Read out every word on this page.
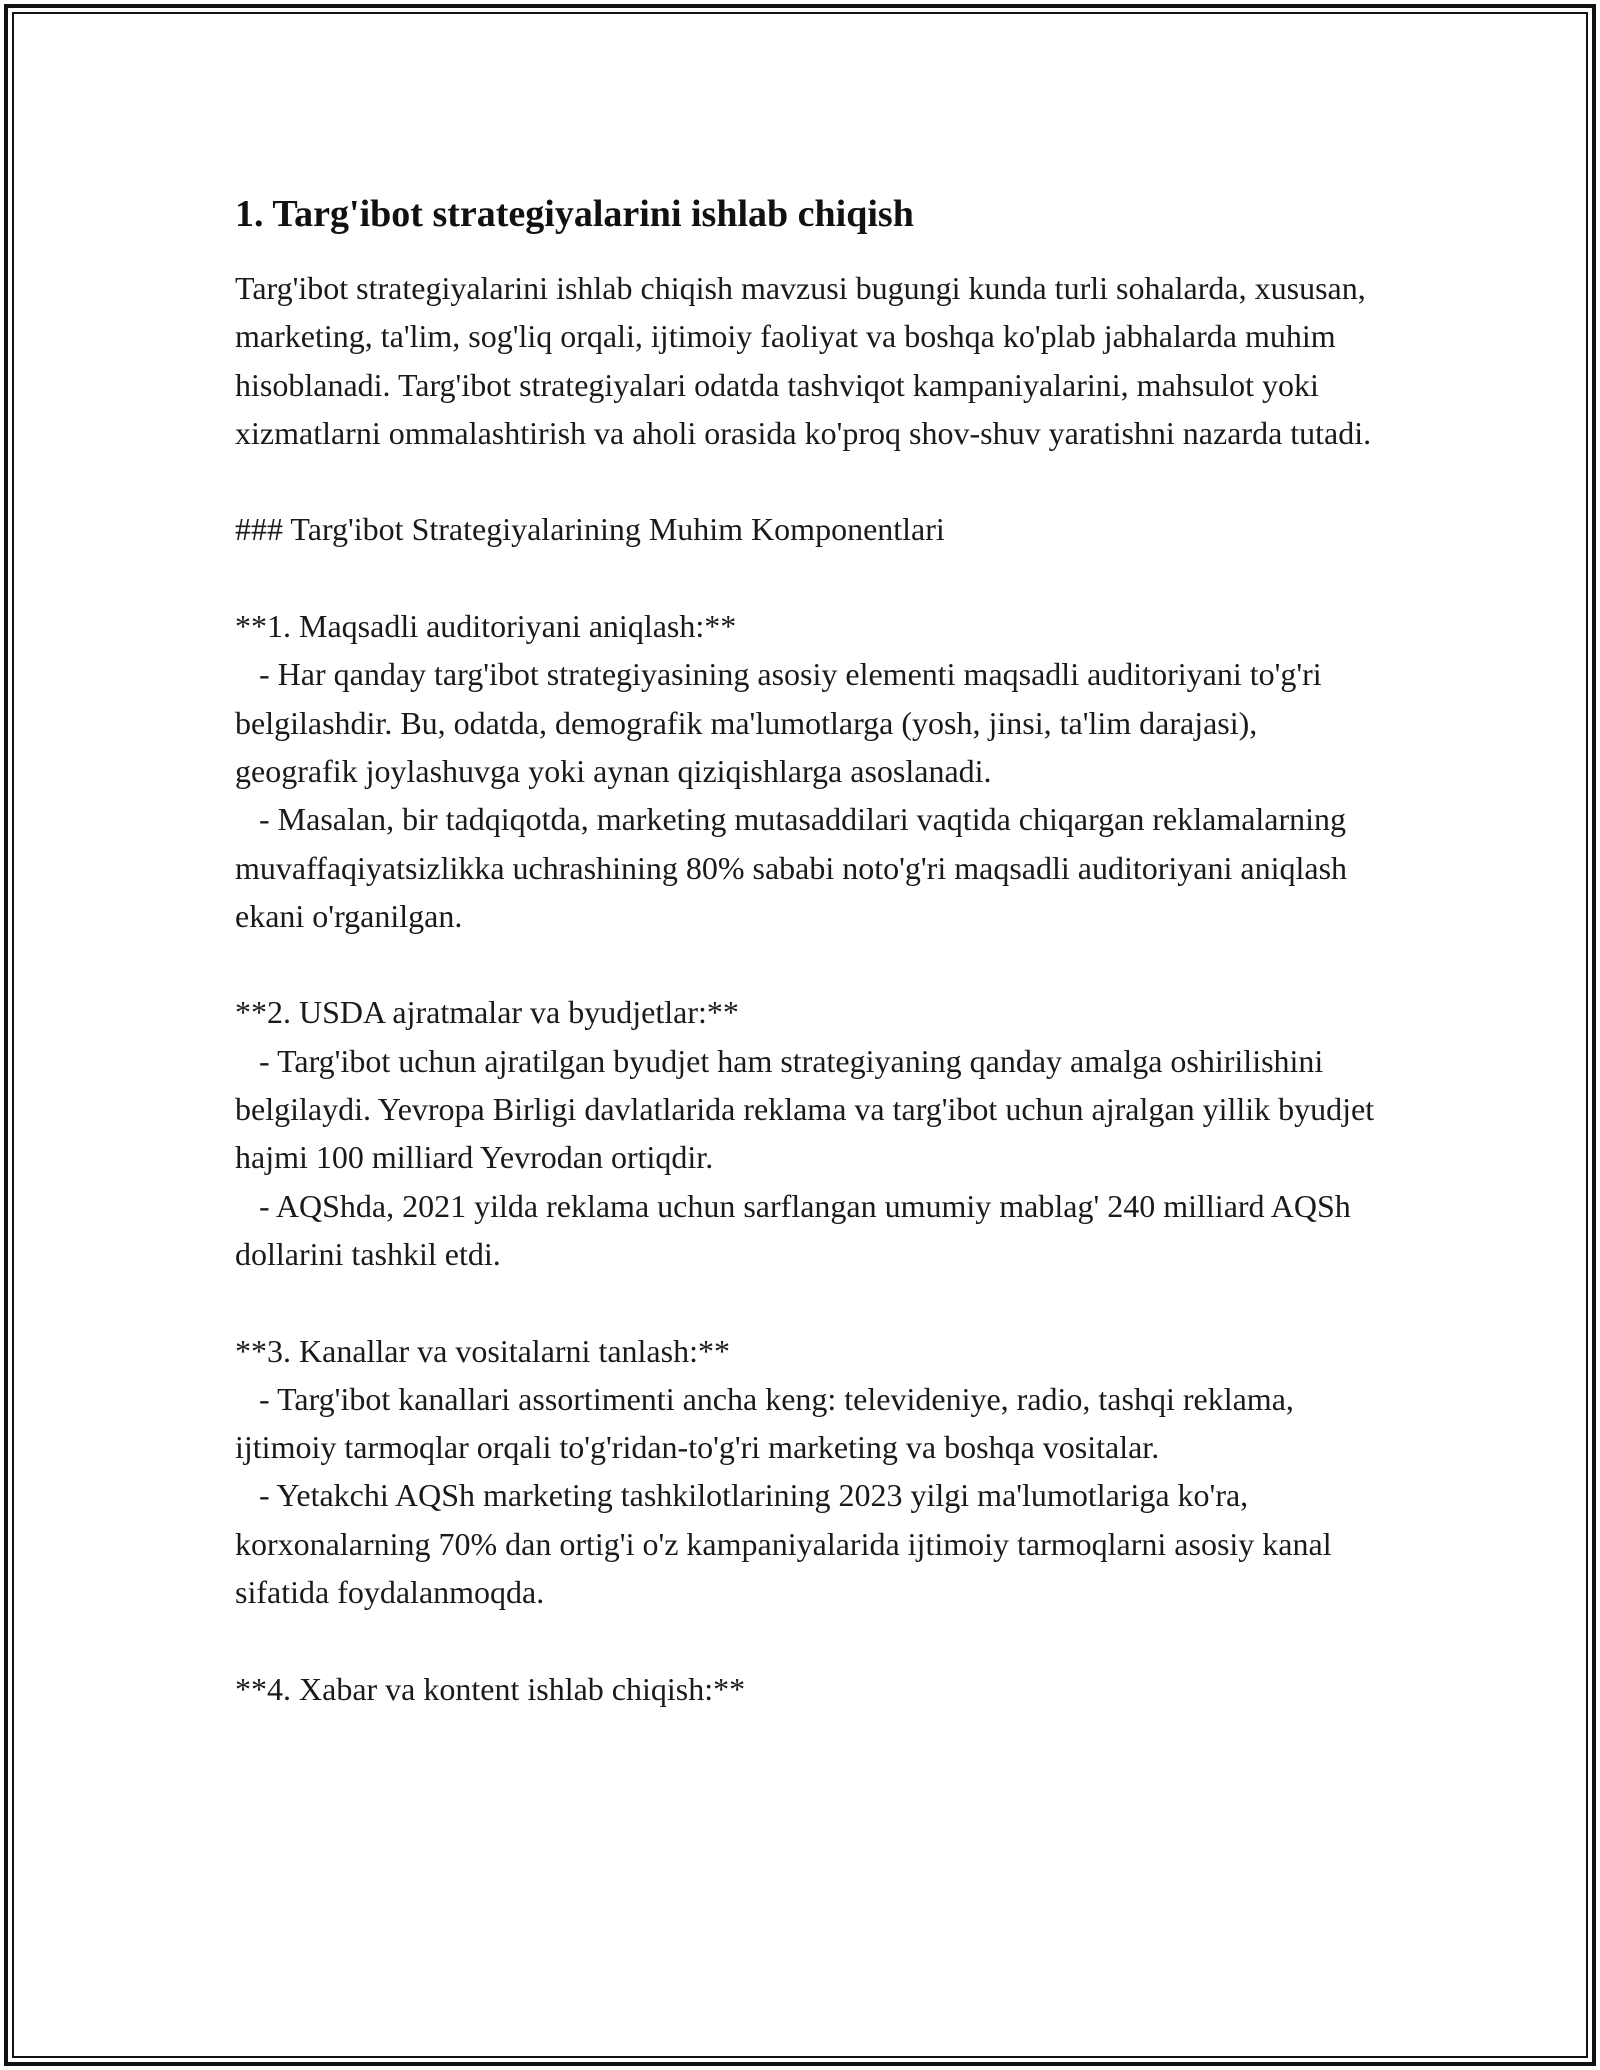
1. Targ'ibot strategiyalarini ishlab chiqish

Targ'ibot strategiyalarini ishlab chiqish mavzusi bugungi kunda turli sohalarda, xususan, marketing, ta'lim, sog'liq orqali, ijtimoiy faoliyat va boshqa ko'plab jabhalarda muhim hisoblanadi. Targ'ibot strategiyalari odatda tashviqot kampaniyalarini, mahsulot yoki xizmatlarni ommalashtirish va aholi orasida ko'proq shov-shuv yaratishni nazarda tutadi.

### Targ'ibot Strategiyalarining Muhim Komponentlari

**1. Maqsadli auditoriyani aniqlash:**

- Har qanday targ'ibot strategiyasining asosiy elementi maqsadli auditoriyani to'g'ri belgilashdir. Bu, odatda, demografik ma'lumotlarga (yosh, jinsi, ta'lim darajasi), geografik joylashuvga yoki aynan qiziqishlarga asoslanadi.

- Masalan, bir tadqiqotda, marketing mutasaddilari vaqtida chiqargan reklamalarning muvaffaqiyatsizlikka uchrashining 80% sababi noto'g'ri maqsadli auditoriyani aniqlash ekani o'rganilgan.

**2. USDA ajratmalar va byudjetlar:**

- Targ'ibot uchun ajratilgan byudjet ham strategiyaning qanday amalga oshirilishini belgilaydi. Yevropa Birligi davlatlarida reklama va targ'ibot uchun ajralgan yillik byudjet hajmi 100 milliard Yevrodan ortiqdir.

- AQShda, 2021 yilda reklama uchun sarflangan umumiy mablag' 240 milliard AQSh dollarini tashkil etdi.

**3. Kanallar va vositalarni tanlash:**

- Targ'ibot kanallari assortimenti ancha keng: televideniye, radio, tashqi reklama, ijtimoiy tarmoqlar orqali to'g'ridan-to'g'ri marketing va boshqa vositalar.

- Yetakchi AQSh marketing tashkilotlarining 2023 yilgi ma'lumotlariga ko'ra, korxonalarning 70% dan ortig'i o'z kampaniyalarida ijtimoiy tarmoqlarni asosiy kanal sifatida foydalanmoqda.

**4. Xabar va kontent ishlab chiqish:**
